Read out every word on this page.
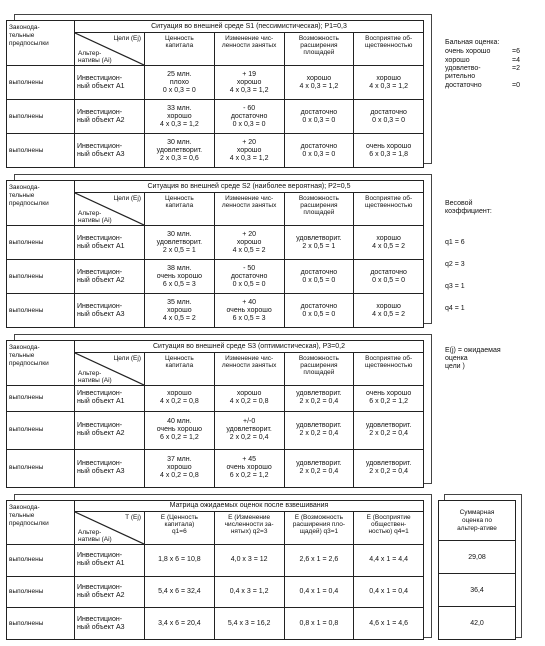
Законода-
тельные
предпосылки	Ситуация во внешней среде S1 (пессимистическая); P1=0,3				

	Цели (Ej)

Альтер-
нативы (Ai)	Ценность
капитала	Изменение чис-
ленности занятых	Возможность
расширения
площадей	Восприятие об-
щественностью
выполнены	Инвестицион-
ный объект A1	25 млн.
плохо
0 x 0,3 = 0	+ 19
хорошо
4 x 0,3 = 1,2	хорошо
4 x 0,3 = 1,2	хорошо
4 x 0,3 = 1,2
выполнены	Инвестицион-
ный объект A2	33 млн.
хорошо
4 x 0,3 = 1,2	- 60
достаточно
0 x 0,3 = 0	достаточно
0 x 0,3 = 0	достаточно
0 x 0,3 = 0
выполнены	Инвестицион-
ный объект A3	30 млн.
удовлетворит.
2 x 0,3 = 0,6	+ 20
хорошо
4 x 0,3 = 1,2	достаточно
0 x 0,3 = 0	очень хорошо
6 x 0,3 = 1,8
Бальная оценка:
очень хорошо	=6
хорошо	=4
удовлетво-
рительно
=2
достаточно	=0
Законода-
тельные
предпосылки	Ситуация во внешней среде S2 (наиболее вероятная); P2=0,5				

	Цели (Ej)

Альтер-
нативы (Ai)	Ценность
капитала	Изменение чис-
ленности занятых	Возможность
расширения
площадей	Восприятие об-
щественностью
выполнены	Инвестицион-
ный объект A1	30 млн.
удовлетворит.
2 x 0,5 = 1	+ 20
хорошо
4 x 0,5 = 2	удовлетворит.
2 x 0,5 = 1	хорошо
4 x 0,5 = 2
выполнены	Инвестицион-
ный объект A2	38 млн.
очень хорошо
6 x 0,5 = 3	- 50
достаточно
0 x 0,5 = 0	достаточно
0 x 0,5 = 0	достаточно
0 x 0,5 = 0
выполнены	Инвестицион-
ный объект A3	35 млн.
хорошо
4 x 0,5 = 2	+ 40
очень хорошо
6 x 0,5 = 3	достаточно
0 x 0,5 = 0	хорошо
4 x 0,5 = 2

Весовой
коэффициент:

q1 = 6

q2 = 3

q3 = 1

q4 = 1

E(j) = ожидаемая
оценка
цели )

Законода-
тельные
предпосылки	Ситуация во внешней среде S3 (оптимистическая), P3=0,2				

	Цели (Ej)

Альтер-
нативы (Ai)	Ценность
капитала	Изменение чис-
ленности занятых	Возможность
расширения
площадей	Восприятие об-
щественностью
выполнены	Инвестицион-
ный объект A1	хорошо
4 x 0,2 = 0,8	хорошо
4 x 0,2 = 0,8	удовлетворит.
2 x 0,2 = 0,4	очень хорошо
6 x 0,2 = 1,2
выполнены	Инвестицион-
ный объект A2	40 млн.
очень хорошо
6 x 0,2 = 1,2	+/-0
удовлетворит.
2 x 0,2 = 0,4	удовлетворит.
2 x 0,2 = 0,4	удовлетворит.
2 x 0,2 = 0,4
выполнены	Инвестицион-
ный объект A3	37 млн.
хорошо
4 x 0,2 = 0,8	+ 45
очень хорошо
6 x 0,2 = 1,2	удовлетворит.
2 x 0,2 = 0,4	удовлетворит.
2 x 0,2 = 0,4
Законода-
тельные
предпосылки	Матрица ожидаемых оценок после взвешивания				

	Т (Ej)

Альтер-
нативы (Ai)	E (Ценность
капитала)
q1=6	E (Изменение
численности за-
нятых) q2=3	E (Возможность
расширения пло-
щадей) q3=1	E (Восприятие
обществен-
ностью) q4=1
выполнены	Инвестицион-
ный объект A1	1,8 x 6 = 10,8	4,0 x 3 = 12	2,6 x 1 = 2,6	4,4 x 1 = 4,4
выполнены	Инвестицион-
ный объект A2	5,4 x 6 = 32,4	0,4 x 3 = 1,2	0,4 x 1 = 0,4	0,4 x 1 = 0,4
выполнены	Инвестицион-
ный объект A3	3,4 x 6 = 20,4	5,4 x 3 = 16,2	0,8 x 1 = 0,8	4,6 x 1 = 4,6
Суммарная
оценка по
альтер-ативе
29,08
36,4
42,0
